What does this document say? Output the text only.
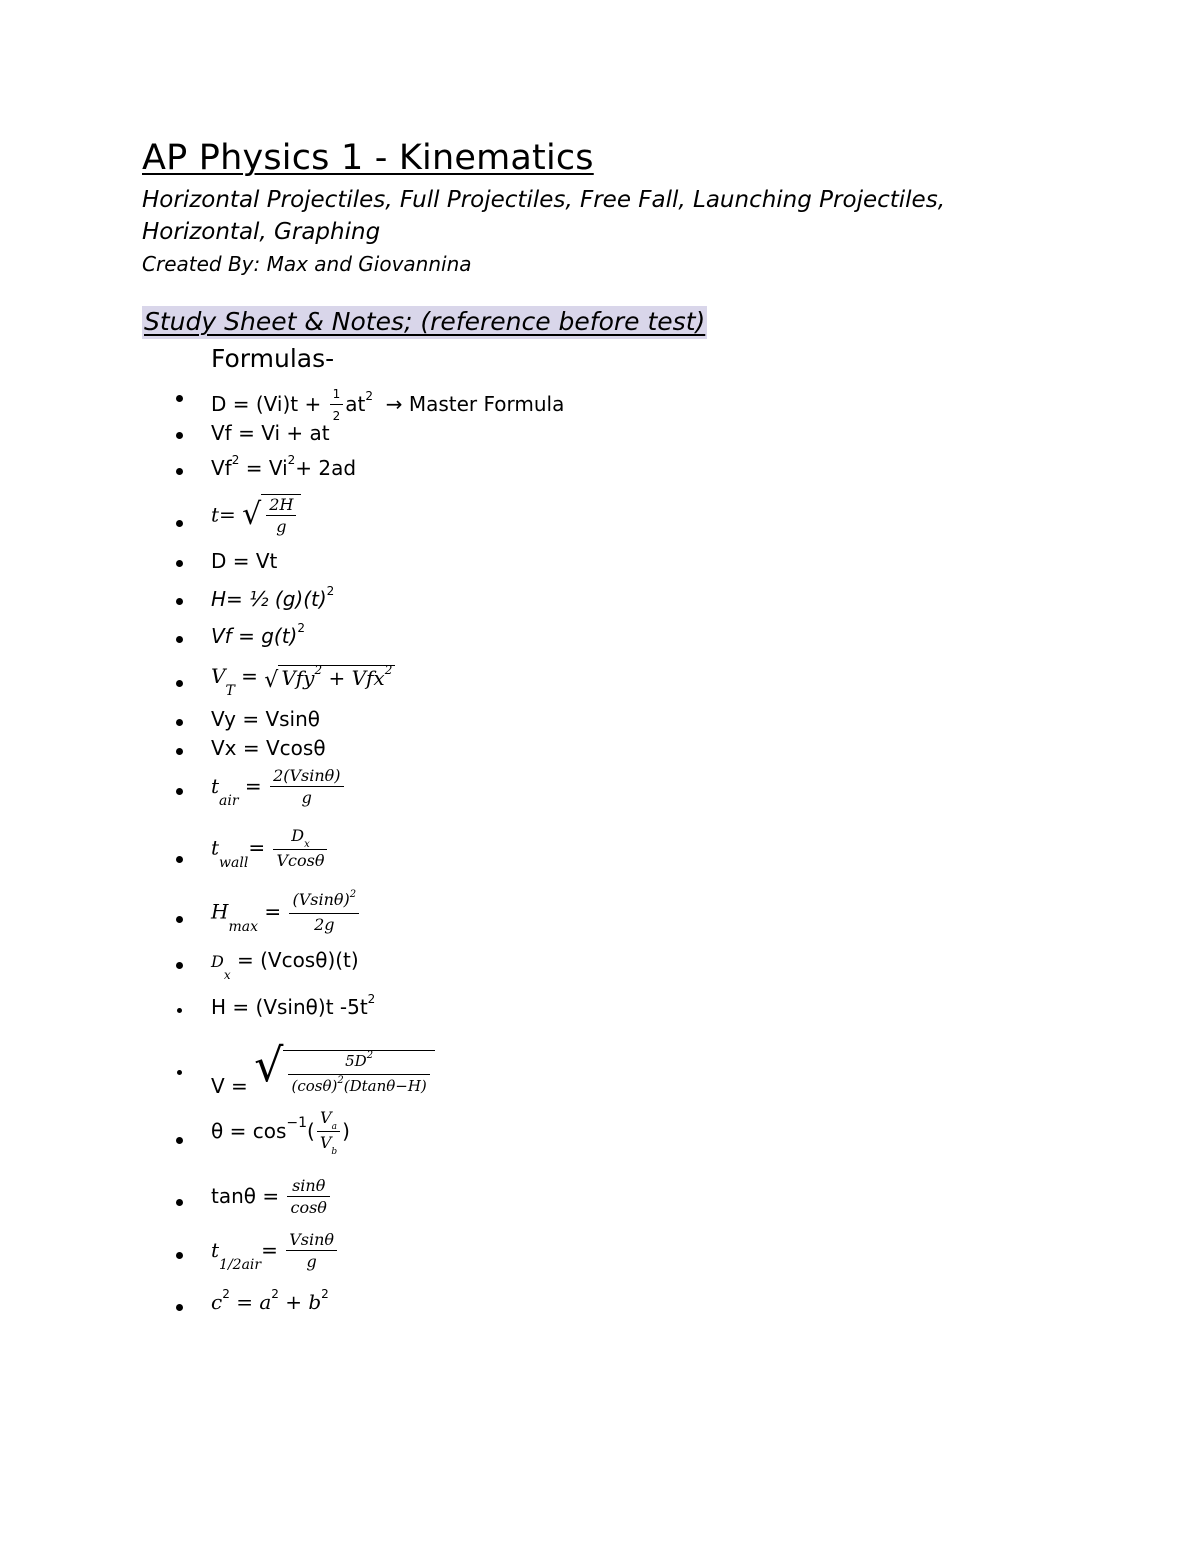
AP Physics 1 - Kinematics
Horizontal Projectiles, Full Projectiles, Free Fall, Launching Projectiles, Horizontal, Graphing
Created By: Max and Giovannina
Study Sheet & Notes; (reference before test)
Formulas-
$D = (Vi)t + \frac{1}{2} at^2$ → Master Formula
Vf = Vi + at
$Vf^2 = Vi^2+ 2ad$
t= √ $\frac{2H}{g}$
D = Vt
H= ½ $(g)(t)^2$
$Vf = g(t)^2$
$V_T$ = √ Vfy$^2$ + Vfx$^2$
Vy = Vsinθ
Vx = Vcosθ
$t_{air} = \frac{2(Vsin\theta)}{g}$
$t_{wall}= \frac{D_x}{Vcos\theta}$
$H_{max} = \frac{(Vsin\theta)^2}{2g}$
$D_x = (Vcos\theta)(t)$
H = (Vsinθ)t $-5t^2$
V = √ $\frac{5D^2}{(\cos\theta)^2(Dtan\theta-H)}$
$\theta = \cos^{-1}( \frac{V_a}{V_b}$ )
$\tan\theta = \frac{\sin\theta}{\cos\theta}$
$t_{1/2air}= \frac{Vsin\theta}{g}$
$c^2 = a^2 + b^2$
